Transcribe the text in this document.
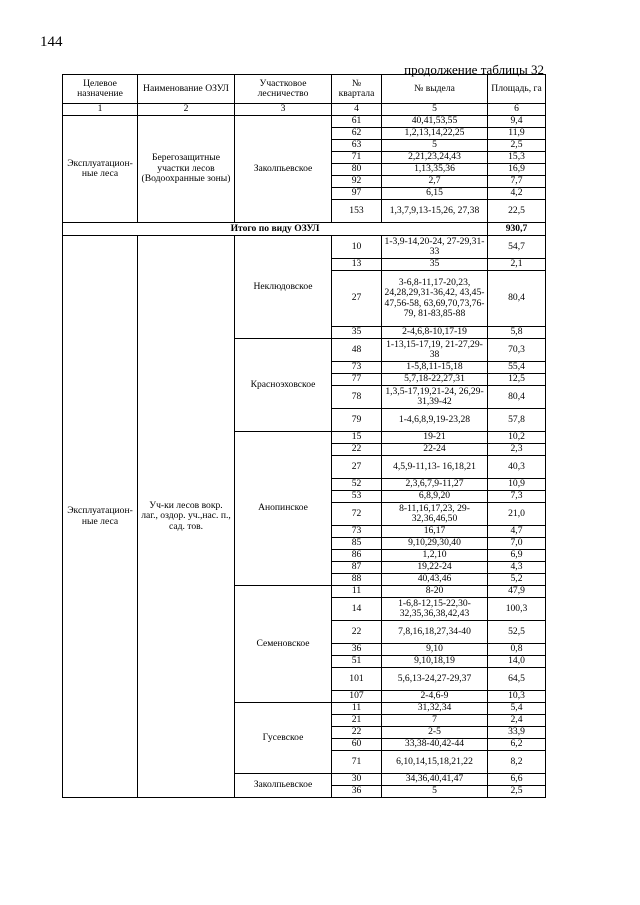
144
продолжение таблицы 32
Целевое назначение	Наименование ОЗУЛ	Участковое лесничество	№ квартала	№ выдела	Площадь, га
1	2	3	4	5	6
Эксплуатацион-ные леса	Берегозащитные участки лесов (Водоохранные зоны)	Заколпьевское	61	40,41,53,55	9,4
			62	1,2,13,14,22,25	11,9
			63	5	2,5
			71	2,21,23,24,43	15,3
			80	1,13,35,36	16,9
			92	2,7	7,7
			97	6,15	4,2
			153	1,3,7,9,13-15,26, 27,38	22,5
Итого по виду ОЗУЛ					930,7
Эксплуатацион-ные леса	Уч-ки лесов вокр. лаг., оздор. уч.,нас. п., сад. тов.	Неклюдовское	10	1-3,9-14,20-24, 27-29,31-33	54,7
			13	35	2,1
			27	3-6,8-11,17-20,23, 24,28,29,31-36,42, 43,45-47,56-58, 63,69,70,73,76-79, 81-83,85-88	80,4
			35	2-4,6,8-10,17-19	5,8
		Красноэховское	48	1-13,15-17,19, 21-27,29-38	70,3
			73	1-5,8,11-15,18	55,4
			77	5,7,18-22,27,31	12,5
			78	1,3,5-17,19,21-24, 26,29-31,39-42	80,4
			79	1-4,6,8,9,19-23,28	57,8
		Анопинское	15	19-21	10,2
			22	22-24	2,3
			27	4,5,9-11,13- 16,18,21	40,3
			52	2,3,6,7,9-11,27	10,9
			53	6,8,9,20	7,3
			72	8-11,16,17,23, 29-32,36,46,50	21,0
			73	16,17	4,7
			85	9,10,29,30,40	7,0
			86	1,2,10	6,9
			87	19,22-24	4,3
			88	40,43,46	5,2
		Семеновское	11	8-20	47,9
			14	1-6,8-12,15-22,30- 32,35,36,38,42,43	100,3
			22	7,8,16,18,27,34-40	52,5
			36	9,10	0,8
			51	9,10,18,19	14,0
			101	5,6,13-24,27-29,37	64,5
			107	2-4,6-9	10,3
		Гусевское	11	31,32,34	5,4
			21	7	2,4
			22	2-5	33,9
			60	33,38-40,42-44	6,2
			71	6,10,14,15,18,21,22	8,2
		Заколпьевское	30	34,36,40,41,47	6,6
			36	5	2,5
